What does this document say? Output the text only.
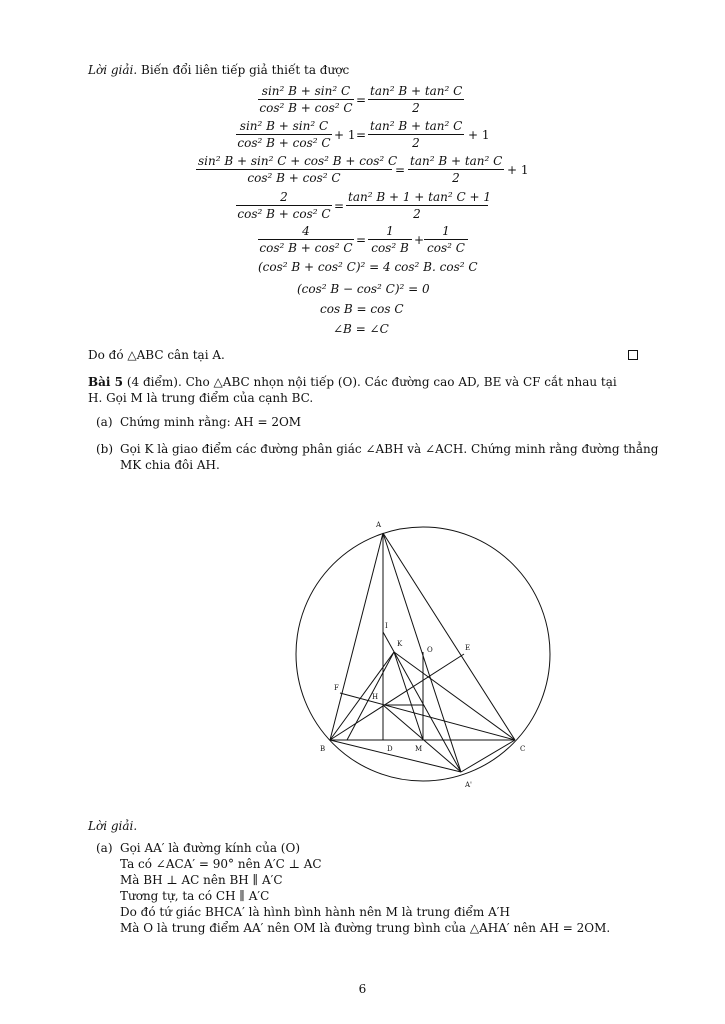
Lời giải. Biến đổi liên tiếp giả thiết ta được
$\frac{\text{sin² B + sin² C}}{\text{cos² B + cos² C}} = \frac{\text{tan² B + tan² C}}{2}$
$\frac{\text{sin² B + sin² C}}{\text{cos² B + cos² C}} + 1 = \frac{\text{tan² B + tan² C}}{2} + 1$
$\frac{\text{sin² B + sin² C + cos² B + cos² C}}{\text{cos² B + cos² C}} = \frac{\text{tan² B + tan² C}}{2} + 1$
$\frac{2}{\text{cos² B + cos² C}} = \frac{\text{tan² B + 1 + tan² C + 1}}{2}$
$\frac{4}{\text{cos² B + cos² C}} = \frac{1}{\text{cos² B}} + \frac{1}{\text{cos² C}}$
(cos² B + cos² C)² = 4 cos² B. cos² C
(cos² B − cos² C)² = 0
cos B = cos C
∠B = ∠C
Do đó △ABC cân tại A.
Bài 5 (4 điểm). Cho △ABC nhọn nội tiếp (O). Các đường cao AD, BE và CF cắt nhau tại
H. Gọi M là trung điểm của cạnh BC.
(a) Chứng minh rằng: AH = 2OM
(b) Gọi K là giao điểm các đường phân giác ∠ABH và ∠ACH. Chứng minh rằng đường thẳng
MK chia đôi AH.
A
B	C
D	M
E
F
H
I
K
O
A'
Lời giải.
(a) Gọi AA′ là đường kính của (O)
Ta có ∠ACA′ = 90° nên A′C ⊥ AC
Mà BH ⊥ AC nên BH ∥ A′C
Tương tự, ta có CH ∥ A′C
Do đó tứ giác BHCA′ là hình bình hành nên M là trung điểm A′H
Mà O là trung điểm AA′ nên OM là đường trung bình của △AHA′ nên AH = 2OM.
6
